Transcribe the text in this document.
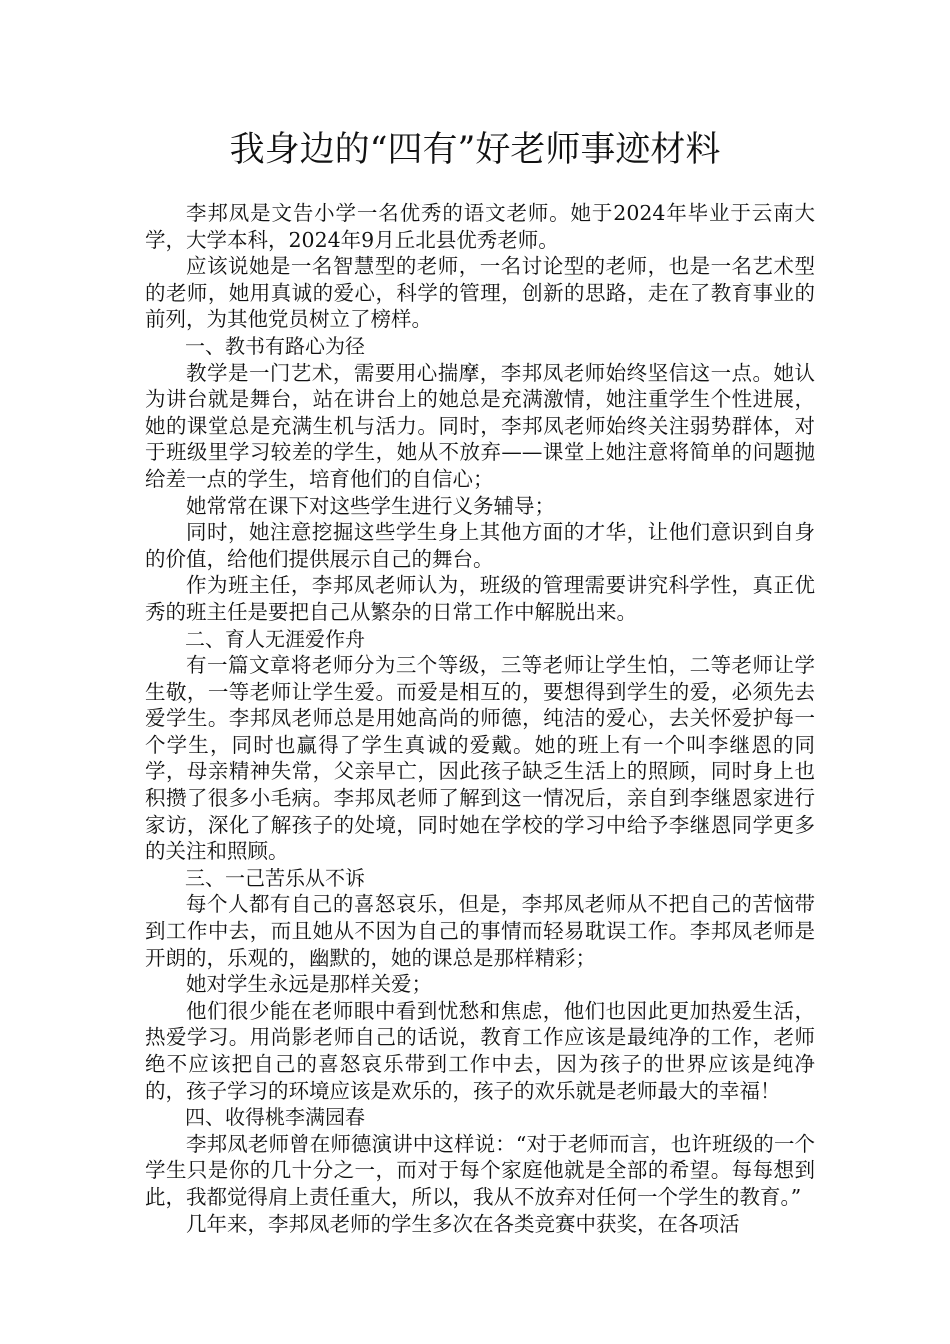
我身边的“四有”好老师事迹材料

李邦凤是文告小学一名优秀的语文老师。她于2024年毕业于云南大学，大学本科，2024年9月丘北县优秀老师。

应该说她是一名智慧型的老师，一名讨论型的老师，也是一名艺术型的老师，她用真诚的爱心，科学的管理，创新的思路，走在了教育事业的前列，为其他党员树立了榜样。

一、教书有路心为径

教学是一门艺术，需要用心揣摩，李邦凤老师始终坚信这一点。她认为讲台就是舞台，站在讲台上的她总是充满激情，她注重学生个性进展，她的课堂总是充满生机与活力。同时，李邦凤老师始终关注弱势群体，对于班级里学习较差的学生，她从不放弃——课堂上她注意将简单的问题抛给差一点的学生，培育他们的自信心；

她常常在课下对这些学生进行义务辅导；

同时，她注意挖掘这些学生身上其他方面的才华，让他们意识到自身的价值，给他们提供展示自己的舞台。

作为班主任，李邦凤老师认为，班级的管理需要讲究科学性，真正优秀的班主任是要把自己从繁杂的日常工作中解脱出来。

二、育人无涯爱作舟

有一篇文章将老师分为三个等级，三等老师让学生怕，二等老师让学生敬，一等老师让学生爱。而爱是相互的，要想得到学生的爱，必须先去爱学生。李邦凤老师总是用她高尚的师德，纯洁的爱心，去关怀爱护每一个学生，同时也赢得了学生真诚的爱戴。她的班上有一个叫李继恩的同学，母亲精神失常，父亲早亡，因此孩子缺乏生活上的照顾，同时身上也积攒了很多小毛病。李邦凤老师了解到这一情况后，亲自到李继恩家进行家访，深化了解孩子的处境，同时她在学校的学习中给予李继恩同学更多的关注和照顾。

三、一己苦乐从不诉

每个人都有自己的喜怒哀乐，但是，李邦凤老师从不把自己的苦恼带到工作中去，而且她从不因为自己的事情而轻易耽误工作。李邦凤老师是开朗的，乐观的，幽默的，她的课总是那样精彩；

她对学生永远是那样关爱；

他们很少能在老师眼中看到忧愁和焦虑，他们也因此更加热爱生活，热爱学习。用尚影老师自己的话说，教育工作应该是最纯净的工作，老师绝不应该把自己的喜怒哀乐带到工作中去，因为孩子的世界应该是纯净的，孩子学习的环境应该是欢乐的，孩子的欢乐就是老师最大的幸福！

四、收得桃李满园春

李邦凤老师曾在师德演讲中这样说：“对于老师而言，也许班级的一个学生只是你的几十分之一，而对于每个家庭他就是全部的希望。每每想到此，我都觉得肩上责任重大，所以，我从不放弃对任何一个学生的教育。”

几年来，李邦凤老师的学生多次在各类竞赛中获奖，在各项活
